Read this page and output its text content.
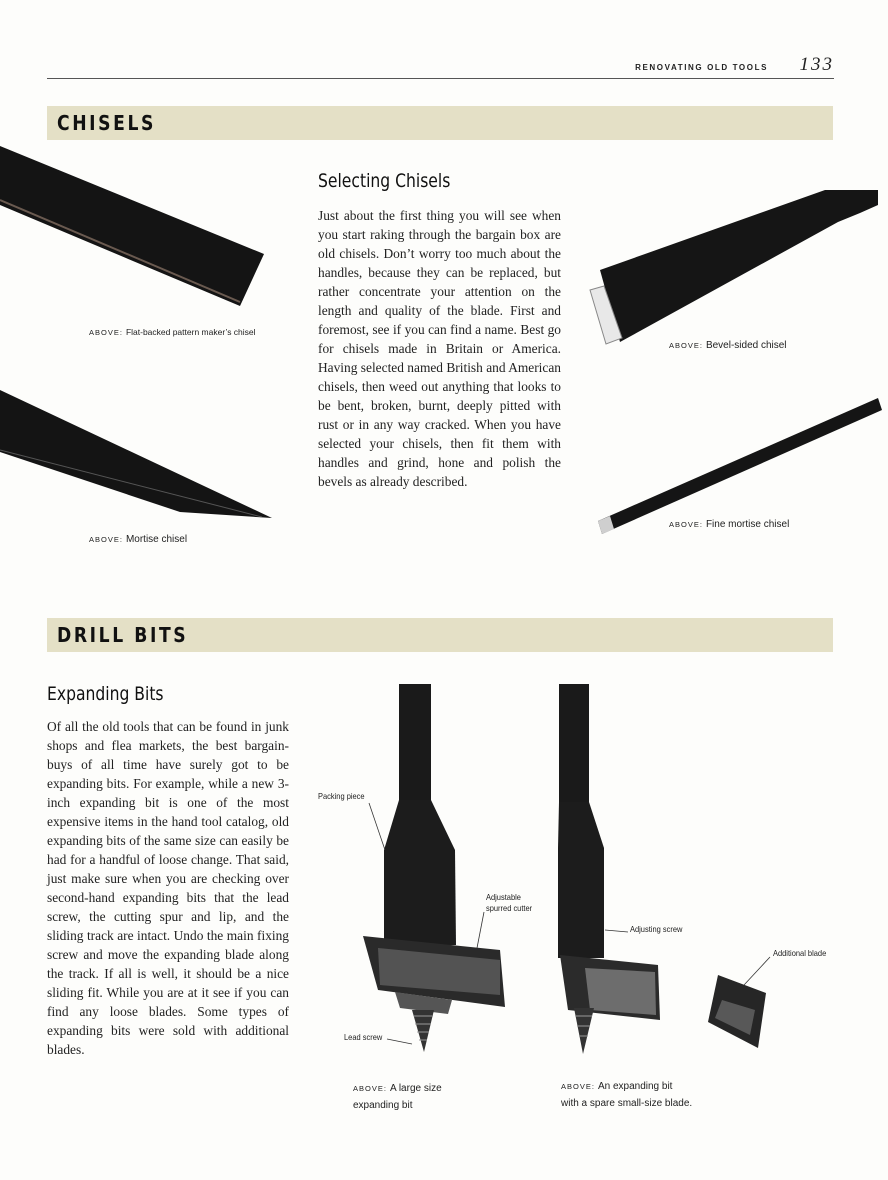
RENOVATING OLD TOOLS 133
CHISELS
ABOVE: Flat-backed pattern maker’s chisel
ABOVE: Mortise chisel
ABOVE: Bevel-sided chisel
ABOVE: Fine mortise chisel
Selecting Chisels
Just about the first thing you will see when you start raking through the bargain box are old chisels. Don’t worry too much about the handles, because they can be replaced, but rather concentrate your attention on the length and quality of the blade. First and foremost, see if you can find a name. Best go for chisels made in Britain or America. Having selected named British and American chisels, then weed out anything that looks to be bent, broken, burnt, deeply pitted with rust or in any way cracked. When you have selected your chisels, then fit them with handles and grind, hone and polish the bevels as already described.
DRILL BITS
Expanding Bits
Of all the old tools that can be found in junk shops and flea markets, the best bargain-buys of all time have surely got to be expanding bits. For example, while a new 3-inch expanding bit is one of the most expensive items in the hand tool catalog, old expanding bits of the same size can easily be had for a handful of loose change. That said, just make sure when you are checking over second-hand expanding bits that the lead screw, the cutting spur and lip, and the sliding track are intact. Undo the main fixing screw and move the expanding blade along the track. If all is well, it should be a nice sliding fit. While you are at it see if you can find any loose blades. Some types of expanding bits were sold with additional blades.
Packing piece
Adjustable
spurred cutter
Lead screw
Adjusting screw
Additional blade
ABOVE: A large size
expanding bit
ABOVE: An expanding bit
with a spare small-size blade.
